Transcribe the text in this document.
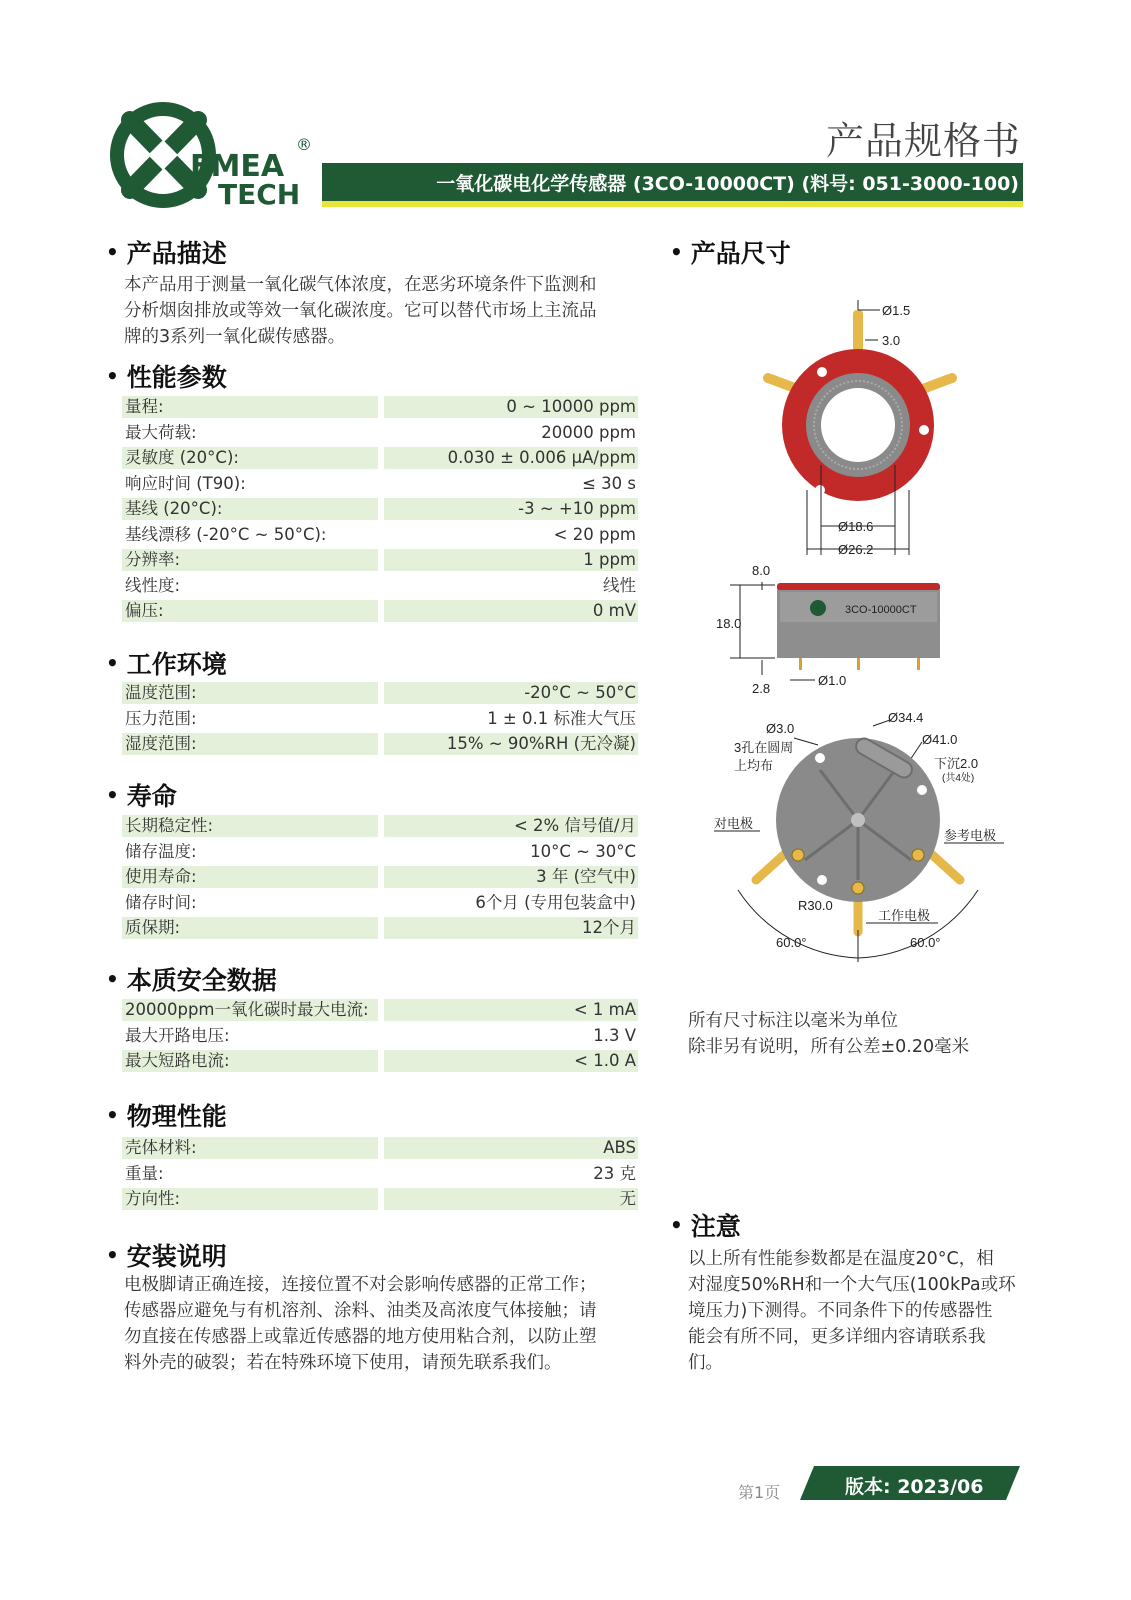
EMEA
TECH
®	产品规格书
一氧化碳电化学传感器 (3CO-10000CT) (料号: 051-3000-100)
• 产品描述
本产品用于测量一氧化碳气体浓度，在恶劣环境条件下监测和
分析烟囱排放或等效一氧化碳浓度。它可以替代市场上主流品
牌的3系列一氧化碳传感器。
• 性能参数
量程:	0 ~ 10000 ppm
最大荷载:	20000 ppm
灵敏度 (20°C):	0.030 ± 0.006 μA/ppm
响应时间 (T90):	≤ 30 s
基线 (20°C):	-3 ~ +10 ppm
基线漂移 (-20°C ~ 50°C):	< 20 ppm
分辨率:	1 ppm
线性度:	线性
偏压:	0 mV
• 工作环境
温度范围:	-20°C ~ 50°C
压力范围:	1 ± 0.1 标准大气压
湿度范围:	15% ~ 90%RH (无冷凝)
• 寿命
长期稳定性:	< 2% 信号值/月
储存温度:	10°C ~ 30°C
使用寿命:	3 年 (空气中)
储存时间:	6个月 (专用包装盒中)
质保期:	12个月
• 本质安全数据
20000ppm一氧化碳时最大电流:	< 1 mA
最大开路电压:	1.3 V
最大短路电流:	< 1.0 A
• 物理性能
壳体材料:	ABS
重量:	23 克
方向性:	无
• 安装说明
电极脚请正确连接，连接位置不对会影响传感器的正常工作；
传感器应避免与有机溶剂、涂料、油类及高浓度气体接触；请
勿直接在传感器上或靠近传感器的地方使用粘合剂，以防止塑
料外壳的破裂；若在特殊环境下使用，请预先联系我们。
• 产品尺寸
Ø1.5
3.0
Ø18.6
Ø26.2
8.0
3CO-10000CT
18.0
2.8
Ø1.0
Ø3.0
3孔在圆周
上均布
Ø34.4
Ø41.0
下沉2.0
(共4处)
对电极
参考电极
工作电极
R30.0
60.0°	60.0°
所有尺寸标注以毫米为单位
除非另有说明，所有公差±0.20毫米
• 注意
以上所有性能参数都是在温度20°C，相
对湿度50%RH和一个大气压(100kPa或环
境压力)下测得。不同条件下的传感器性
能会有所不同，更多详细内容请联系我
们。
第1页	版本: 2023/06
